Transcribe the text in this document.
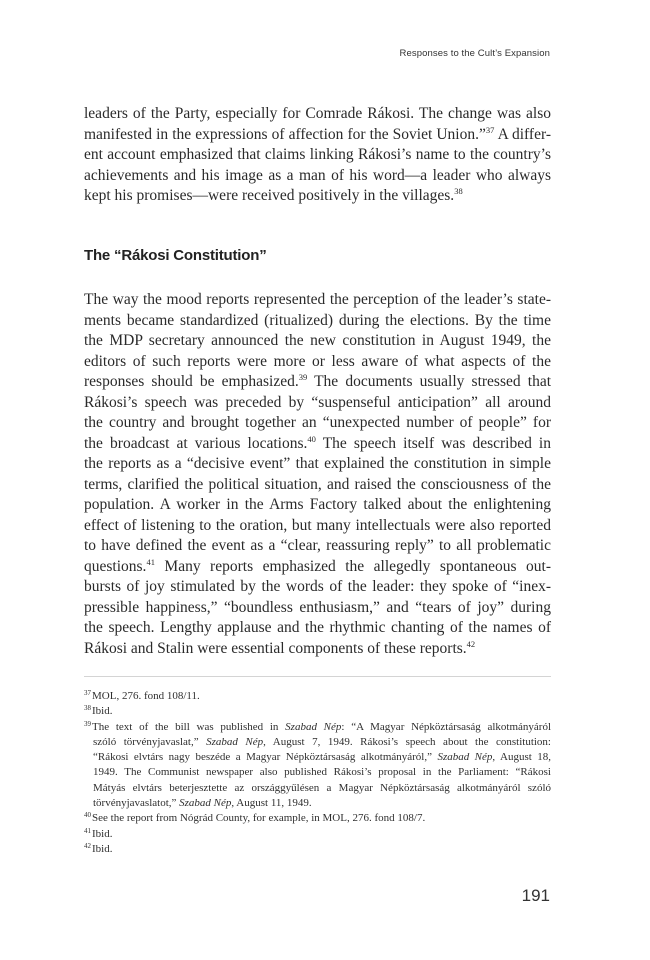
Responses to the Cult’s Expansion
leaders of the Party, especially for Comrade Rákosi. The change was also
manifested in the expressions of affection for the Soviet Union.”$^{37}$ A differ-
ent account emphasized that claims linking Rákosi’s name to the country’s
achievements and his image as a man of his word—a leader who always
kept his promises—were received positively in the villages.$^{38}$
The “Rákosi Constitution”
The way the mood reports represented the perception of the leader’s state-
ments became standardized (ritualized) during the elections. By the time
the MDP secretary announced the new constitution in August 1949, the
editors of such reports were more or less aware of what aspects of the
responses should be emphasized.$^{39}$ The documents usually stressed that
Rákosi’s speech was preceded by “suspenseful anticipation” all around
the country and brought together an “unexpected number of people” for
the broadcast at various locations.$^{40}$ The speech itself was described in
the reports as a “decisive event” that explained the constitution in simple
terms, clarified the political situation, and raised the consciousness of the
population. A worker in the Arms Factory talked about the enlightening
effect of listening to the oration, but many intellectuals were also reported
to have defined the event as a “clear, reassuring reply” to all problematic
questions.$^{41}$ Many reports emphasized the allegedly spontaneous out-
bursts of joy stimulated by the words of the leader: they spoke of “inex-
pressible happiness,” “boundless enthusiasm,” and “tears of joy” during
the speech. Lengthy applause and the rhythmic chanting of the names of
Rákosi and Stalin were essential components of these reports.$^{42}$
$^{37}$MOL, 276. fond 108/11.
$^{38}$Ibid.
$^{39}$The text of the bill was published in Szabad Nép: “A Magyar Népköztársaság alkotmányáról
szóló törvényjavaslat,” Szabad Nép, August 7, 1949. Rákosi’s speech about the constitution:
“Rákosi elvtárs nagy beszéde a Magyar Népköztársaság alkotmányáról,” Szabad Nép, August 18,
1949. The Communist newspaper also published Rákosi’s proposal in the Parliament: “Rákosi
Mátyás elvtárs beterjesztette az országgyűlésen a Magyar Népköztársaság alkotmányáról szóló
törvényjavaslatot,” Szabad Nép, August 11, 1949.
$^{40}$See the report from Nógrád County, for example, in MOL, 276. fond 108/7.
$^{41}$Ibid.
$^{42}$Ibid.
191
